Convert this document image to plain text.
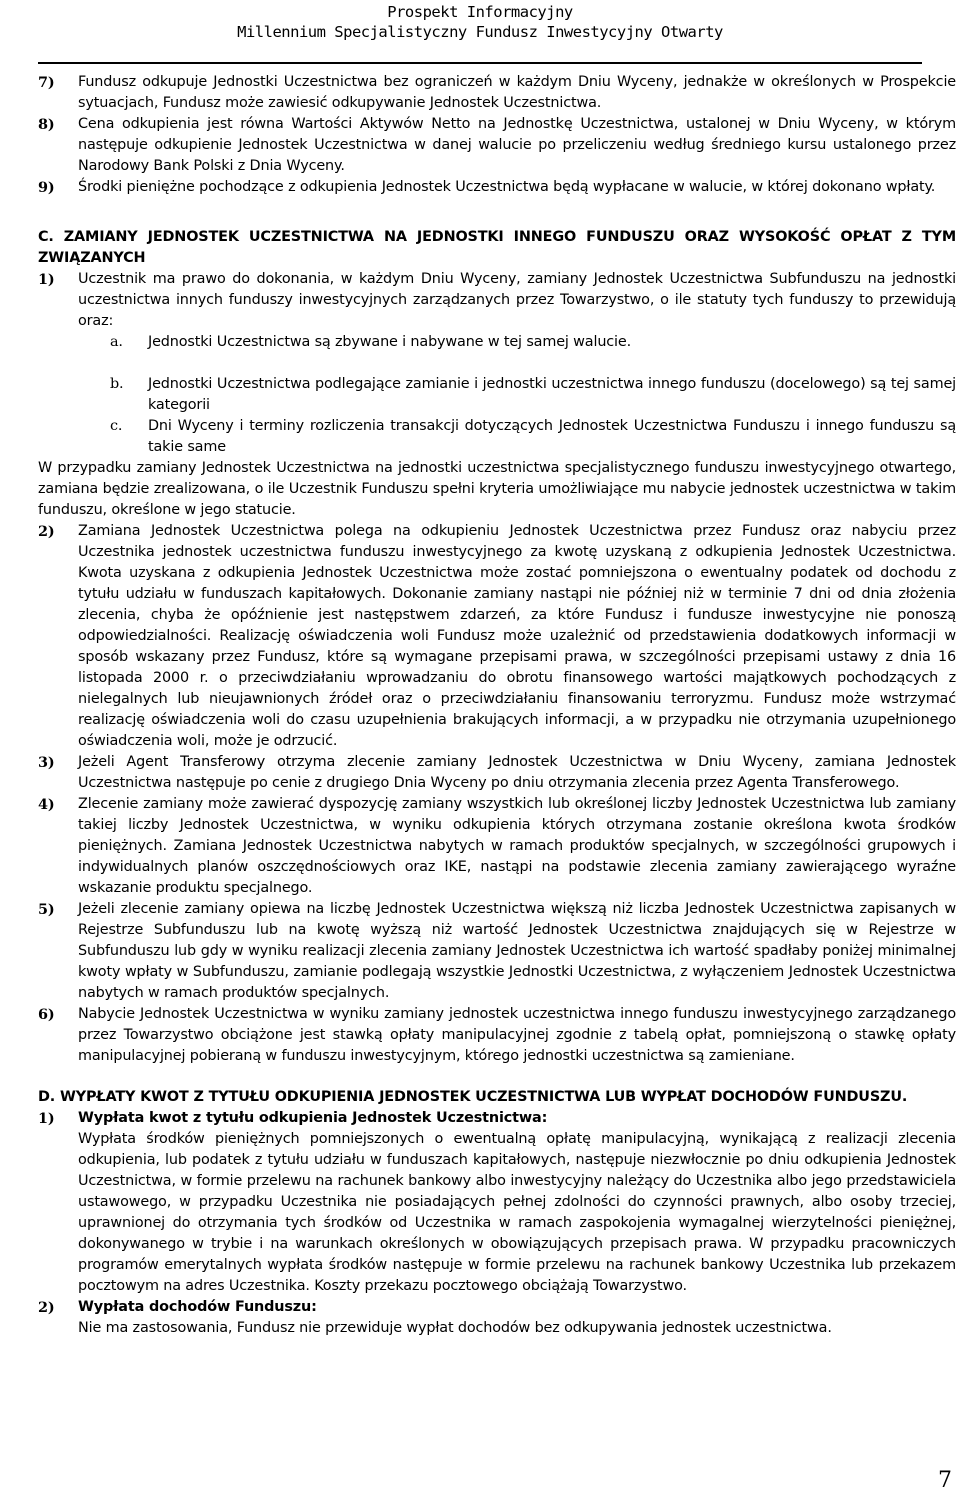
Prospekt Informacyjny
Millennium Specjalistyczny Fundusz Inwestycyjny Otwarty
7)	Fundusz odkupuje Jednostki Uczestnictwa bez ograniczeń w każdym Dniu Wyceny, jednakże w określonych w Prospekcie sytuacjach, Fundusz może zawiesić odkupywanie Jednostek Uczestnictwa.
8)	Cena odkupienia jest równa Wartości Aktywów Netto na Jednostkę Uczestnictwa, ustalonej w Dniu Wyceny, w którym następuje odkupienie Jednostek Uczestnictwa w danej walucie po przeliczeniu według średniego kursu ustalonego przez Narodowy Bank Polski z Dnia Wyceny.
9)	Środki pieniężne pochodzące z odkupienia Jednostek Uczestnictwa będą wypłacane w walucie, w której dokonano wpłaty.

C. ZAMIANY JEDNOSTEK UCZESTNICTWA NA JEDNOSTKI INNEGO FUNDUSZU ORAZ WYSOKOŚĆ OPŁAT Z TYM ZWIĄZANYCH

1)	Uczestnik ma prawo do dokonania, w każdym Dniu Wyceny, zamiany Jednostek Uczestnictwa Subfunduszu na jednostki uczestnictwa innych funduszy inwestycyjnych zarządzanych przez Towarzystwo, o ile statuty tych funduszy to przewidują oraz:
a.	Jednostki Uczestnictwa są zbywane i nabywane w tej samej walucie.
b.	Jednostki Uczestnictwa podlegające zamianie i jednostki uczestnictwa innego funduszu (docelowego) są tej samej kategorii
c.	Dni Wyceny i terminy rozliczenia transakcji dotyczących Jednostek Uczestnictwa Funduszu i innego funduszu są takie same

W przypadku zamiany Jednostek Uczestnictwa na jednostki uczestnictwa specjalistycznego funduszu inwestycyjnego otwartego, zamiana będzie zrealizowana, o ile Uczestnik Funduszu spełni kryteria umożliwiające mu nabycie jednostek uczestnictwa w takim funduszu, określone w jego statucie.

2)	Zamiana Jednostek Uczestnictwa polega na odkupieniu Jednostek Uczestnictwa przez Fundusz oraz nabyciu przez Uczestnika jednostek uczestnictwa funduszu inwestycyjnego za kwotę uzyskaną z odkupienia Jednostek Uczestnictwa. Kwota uzyskana z odkupienia Jednostek Uczestnictwa może zostać pomniejszona o ewentualny podatek od dochodu z tytułu udziału w funduszach kapitałowych. Dokonanie zamiany nastąpi nie później niż w terminie 7 dni od dnia złożenia zlecenia, chyba że opóźnienie jest następstwem zdarzeń, za które Fundusz i fundusze inwestycyjne nie ponoszą odpowiedzialności. Realizację oświadczenia woli Fundusz może uzależnić od przedstawienia dodatkowych informacji w sposób wskazany przez Fundusz, które są wymagane przepisami prawa, w szczególności przepisami ustawy z dnia 16 listopada 2000 r. o przeciwdziałaniu wprowadzaniu do obrotu finansowego wartości majątkowych pochodzących z nielegalnych lub nieujawnionych źródeł oraz o przeciwdziałaniu finansowaniu terroryzmu. Fundusz może wstrzymać realizację oświadczenia woli do czasu uzupełnienia brakujących informacji, a w przypadku nie otrzymania uzupełnionego oświadczenia woli, może je odrzucić.
3)	Jeżeli Agent Transferowy otrzyma zlecenie zamiany Jednostek Uczestnictwa w Dniu Wyceny, zamiana Jednostek Uczestnictwa następuje po cenie z drugiego Dnia Wyceny po dniu otrzymania zlecenia przez Agenta Transferowego.
4)	Zlecenie zamiany może zawierać dyspozycję zamiany wszystkich lub określonej liczby Jednostek Uczestnictwa lub zamiany takiej liczby Jednostek Uczestnictwa, w wyniku odkupienia których otrzymana zostanie określona kwota środków pieniężnych. Zamiana Jednostek Uczestnictwa nabytych w ramach produktów specjalnych, w szczególności grupowych i indywidualnych planów oszczędnościowych oraz IKE, nastąpi na podstawie zlecenia zamiany zawierającego wyraźne wskazanie produktu specjalnego.
5)	Jeżeli zlecenie zamiany opiewa na liczbę Jednostek Uczestnictwa większą niż liczba Jednostek Uczestnictwa zapisanych w Rejestrze Subfunduszu lub na kwotę wyższą niż wartość Jednostek Uczestnictwa znajdujących się w Rejestrze w Subfunduszu lub gdy w wyniku realizacji zlecenia zamiany Jednostek Uczestnictwa ich wartość spadłaby poniżej minimalnej kwoty wpłaty w Subfunduszu, zamianie podlegają wszystkie Jednostki Uczestnictwa, z wyłączeniem Jednostek Uczestnictwa nabytych w ramach produktów specjalnych.
6)	Nabycie Jednostek Uczestnictwa w wyniku zamiany jednostek uczestnictwa innego funduszu inwestycyjnego zarządzanego przez Towarzystwo obciążone jest stawką opłaty manipulacyjnej zgodnie z tabelą opłat, pomniejszoną o stawkę opłaty manipulacyjnej pobieraną w funduszu inwestycyjnym, którego jednostki uczestnictwa są zamieniane.

D. WYPŁATY KWOT Z TYTUŁU ODKUPIENIA JEDNOSTEK UCZESTNICTWA LUB WYPŁAT DOCHODÓW FUNDUSZU.

1)	Wypłata kwot z tytułu odkupienia Jednostek Uczestnictwa:
Wypłata środków pieniężnych pomniejszonych o ewentualną opłatę manipulacyjną, wynikającą z realizacji zlecenia odkupienia, lub podatek z tytułu udziału w funduszach kapitałowych, następuje niezwłocznie po dniu odkupienia Jednostek Uczestnictwa, w formie przelewu na rachunek bankowy albo inwestycyjny należący do Uczestnika albo jego przedstawiciela ustawowego, w przypadku Uczestnika nie posiadających pełnej zdolności do czynności prawnych, albo osoby trzeciej, uprawnionej do otrzymania tych środków od Uczestnika w ramach zaspokojenia wymagalnej wierzytelności pieniężnej, dokonywanego w trybie i na warunkach określonych w obowiązujących przepisach prawa. W przypadku pracowniczych programów emerytalnych wypłata środków następuje w formie przelewu na rachunek bankowy Uczestnika lub przekazem pocztowym na adres Uczestnika. Koszty przekazu pocztowego obciążają Towarzystwo.
2)	Wypłata dochodów Funduszu:
Nie ma zastosowania, Fundusz nie przewiduje wypłat dochodów bez odkupywania jednostek uczestnictwa.
7
